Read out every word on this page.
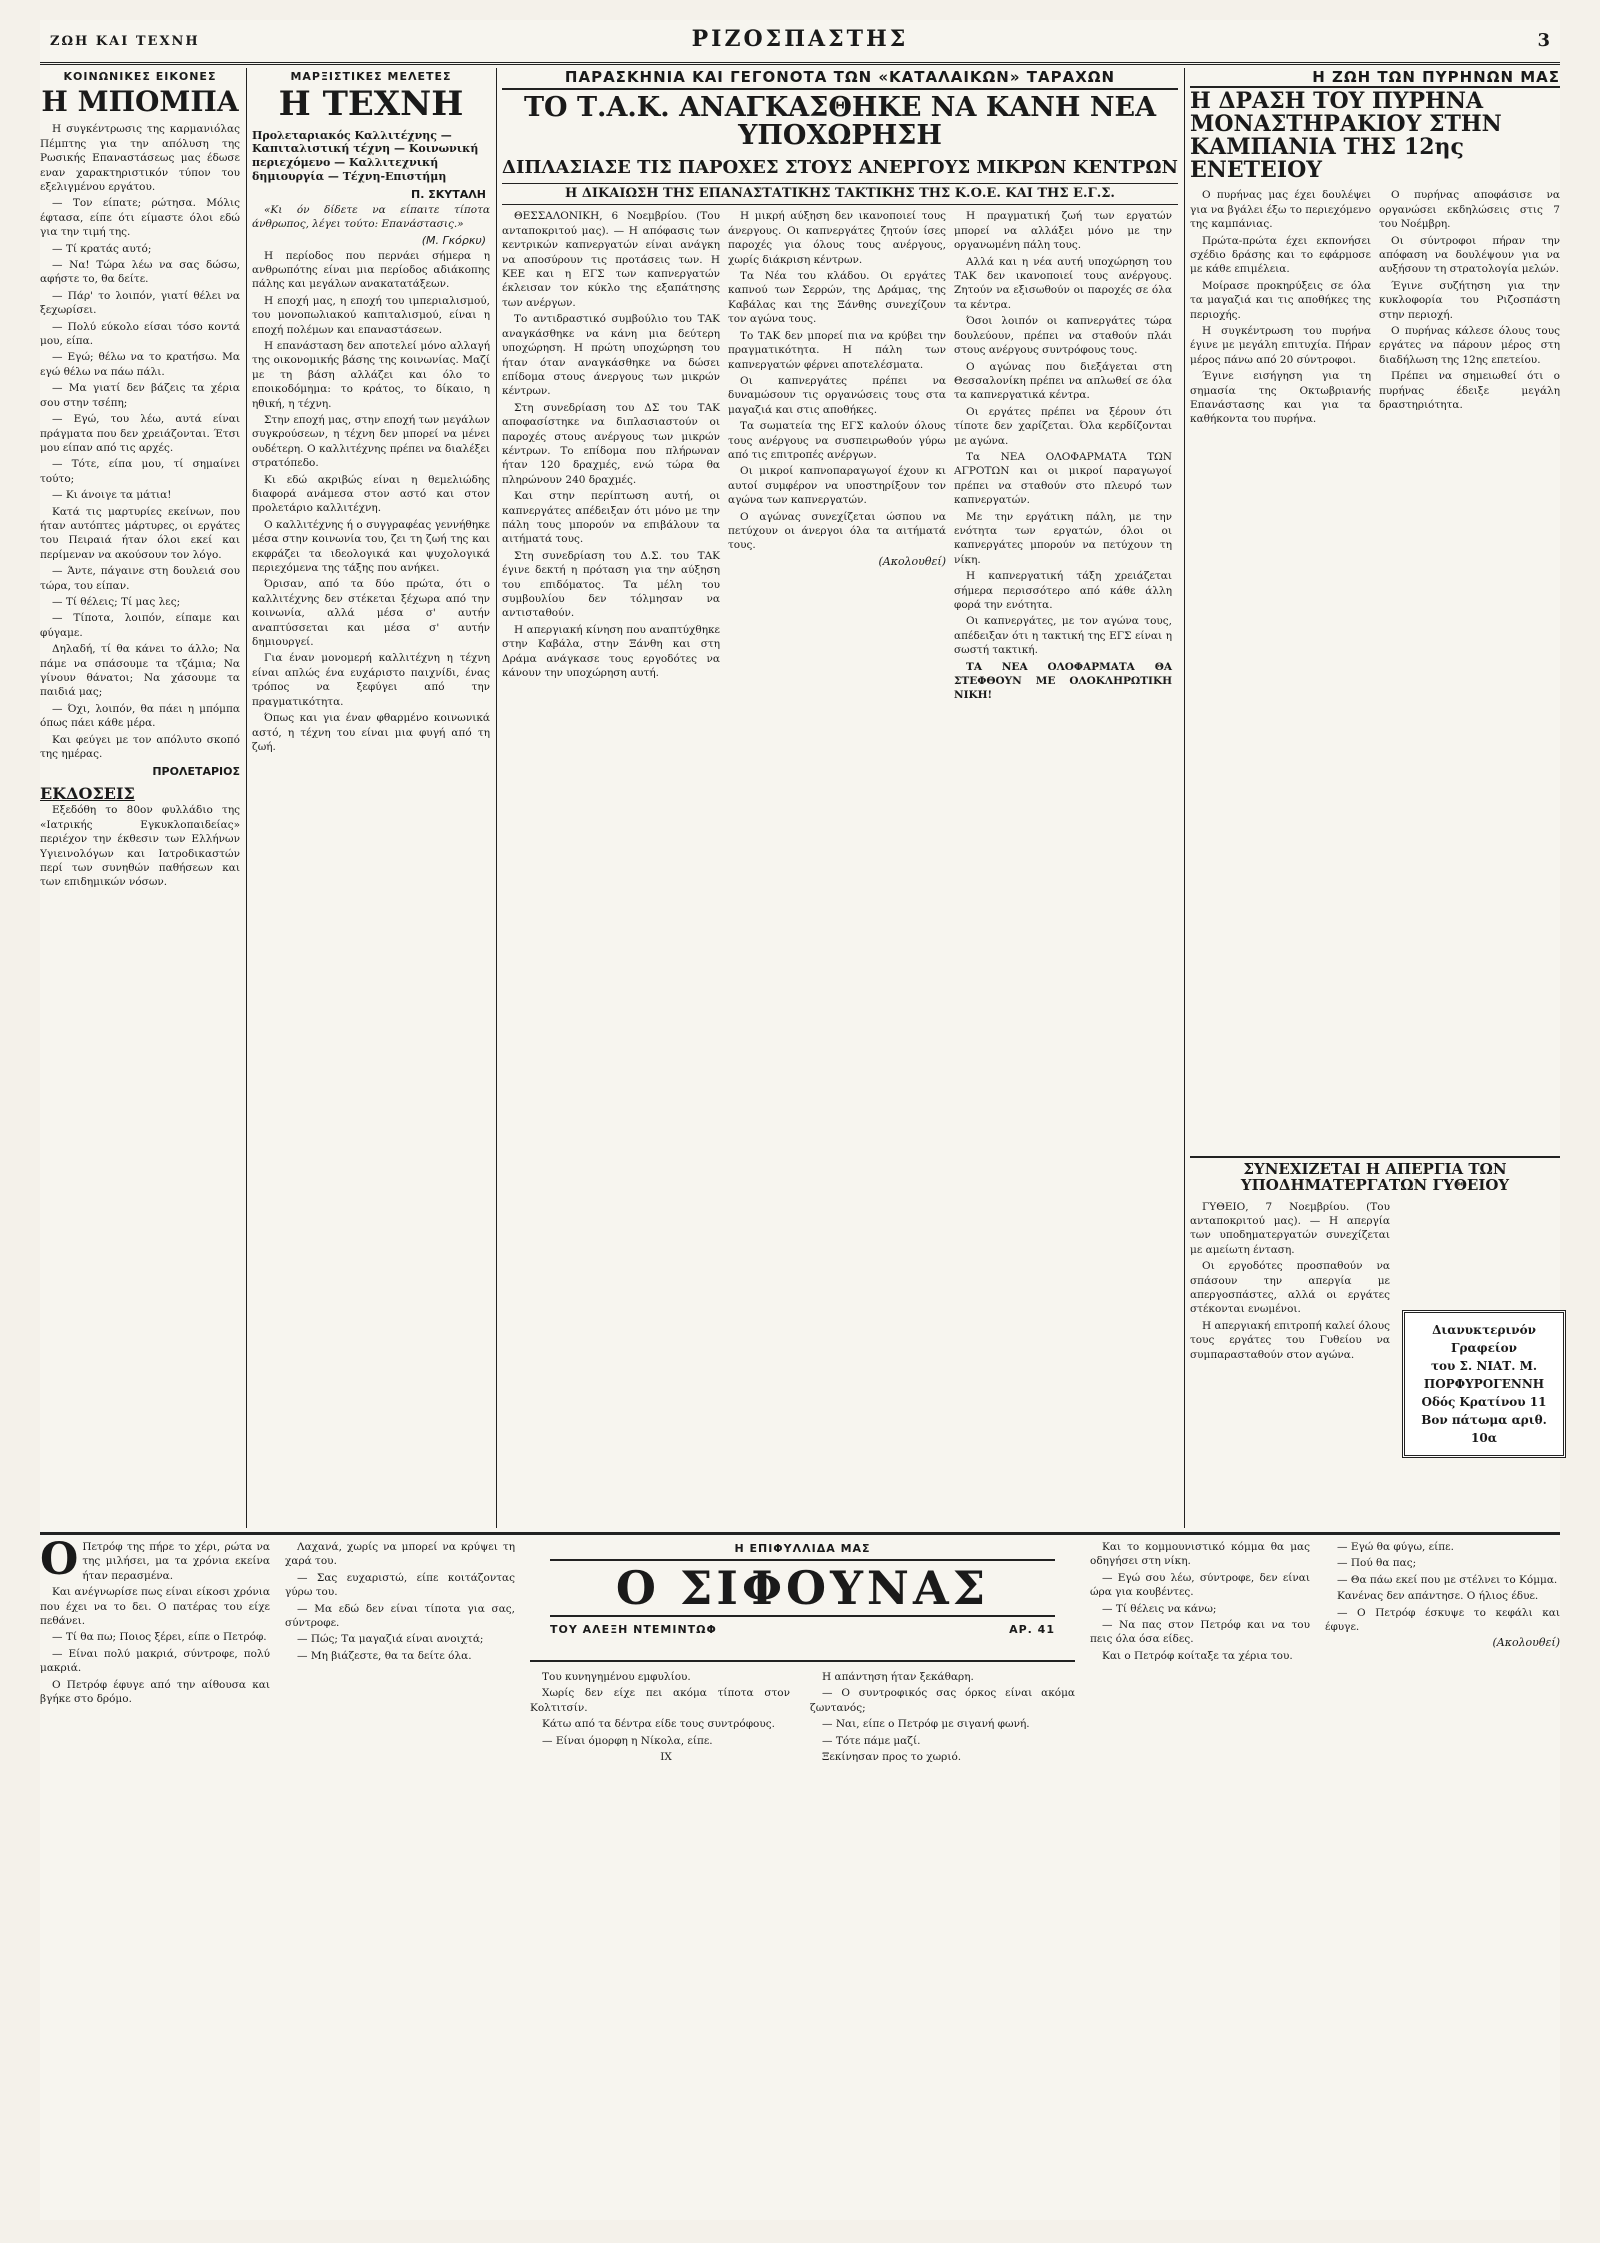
ΖΩΗ ΚΑΙ ΤΕΧΝΗ	ΡΙΖΟΣΠΑΣΤΗΣ	3
ΚΟΙΝΩΝΙΚΕΣ ΕΙΚΟΝΕΣ
Η ΜΠΟΜΠΑ

Η συγκέντρωσις της καρμανιόλας Πέμπτης για την απόλυση της Ρωσικής Επαναστάσεως μας έδωσε εναν χαρακτηριστικόν τύπον του εξελιγμένου εργάτου.

— Τον είπατε; ρώτησα. Μόλις έφτασα, είπε ότι είμαστε όλοι εδώ για την τιμή της.

— Τί κρατάς αυτό;

— Να! Τώρα λέω να σας δώσω, αφήστε το, θα δείτε.

— Πάρ' το λοιπόν, γιατί θέλει να ξεχωρίσει.

— Πολύ εύκολο είσαι τόσο κοντά μου, είπα.

— Εγώ; θέλω να το κρατήσω. Μα εγώ θέλω να πάω πάλι.

— Μα γιατί δεν βάζεις τα χέρια σου στην τσέπη;

— Εγώ, του λέω, αυτά είναι πράγματα που δεν χρειάζονται. Έτσι μου είπαν από τις αρχές.

— Τότε, είπα μου, τί σημαίνει τούτο;

— Κι άνοιγε τα μάτια!

Κατά τις μαρτυρίες εκείνων, που ήταν αυτόπτες μάρτυρες, οι εργάτες του Πειραιά ήταν όλοι εκεί και περίμεναν να ακούσουν τον λόγο.

— Άντε, πάγαινε στη δουλειά σου τώρα, του είπαν.

— Τί θέλεις; Τί μας λες;

— Τίποτα, λοιπόν, είπαμε και φύγαμε.

Δηλαδή, τί θα κάνει το άλλο; Να πάμε να σπάσουμε τα τζάμια; Να γίνουν θάνατοι; Να χάσουμε τα παιδιά μας;

— Όχι, λοιπόν, θα πάει η μπόμπα όπως πάει κάθε μέρα.

Και φεύγει με τον απόλυτο σκοπό της ημέρας.

ΠΡΟΛΕΤΑΡΙΟΣ
ΕΚΔΟΣΕΙΣ

Εξεδόθη το 80ον φυλλάδιο της «Ιατρικής Εγκυκλοπαιδείας» περιέχον την έκθεσιν των Ελλήνων Υγιεινολόγων και Ιατροδικαστών περί των συνηθών παθήσεων και των επιδημικών νόσων.

ΜΑΡΞΙΣΤΙΚΕΣ ΜΕΛΕΤΕΣ
Η ΤΕΧΝΗ
Προλεταριακός Καλλιτέχνης — Καπιταλιστική τέχνη — Κοινωνική περιεχόμενο — Καλλιτεχνική δημιουργία — Τέχνη-Επιστήμη
Π. ΣΚΥΤΑΛΗ

«Κι όν δίδετε να είπαιτε τίποτα άνθρωπος, λέγει τούτο: Επανάστασις.»

(Μ. Γκόρκυ)

Η περίοδος που περνάει σήμερα η ανθρωπότης είναι μια περίοδος αδιάκοπης πάλης και μεγάλων ανακατατάξεων.

Η εποχή μας, η εποχή του ιμπεριαλισμού, του μονοπωλιακού καπιταλισμού, είναι η εποχή πολέμων και επαναστάσεων.

Η επανάσταση δεν αποτελεί μόνο αλλαγή της οικονομικής βάσης της κοινωνίας. Μαζί με τη βάση αλλάζει και όλο το εποικοδόμημα: το κράτος, το δίκαιο, η ηθική, η τέχνη.

Στην εποχή μας, στην εποχή των μεγάλων συγκρούσεων, η τέχνη δεν μπορεί να μένει ουδέτερη. Ο καλλιτέχνης πρέπει να διαλέξει στρατόπεδο.

Κι εδώ ακριβώς είναι η θεμελιώδης διαφορά ανάμεσα στον αστό και στον προλετάριο καλλιτέχνη.

Ο καλλιτέχνης ή ο συγγραφέας γεννήθηκε μέσα στην κοινωνία του, ζει τη ζωή της και εκφράζει τα ιδεολογικά και ψυχολογικά περιεχόμενα της τάξης που ανήκει.

Όρισαν, από τα δύο πρώτα, ότι ο καλλιτέχνης δεν στέκεται ξέχωρα από την κοινωνία, αλλά μέσα σ' αυτήν αναπτύσσεται και μέσα σ' αυτήν δημιουργεί.

Για έναν μονομερή καλλιτέχνη η τέχνη είναι απλώς ένα ευχάριστο παιχνίδι, ένας τρόπος να ξεφύγει από την πραγματικότητα.

Όπως και για έναν φθαρμένο κοινωνικά αστό, η τέχνη του είναι μια φυγή από τη ζωή.

ΠΑΡΑΣΚΗΝΙΑ ΚΑΙ ΓΕΓΟΝΟΤΑ ΤΩΝ «ΚΑΤΑΛΑΙΚΩΝ» ΤΑΡΑΧΩΝ
ΤΟ Τ.Α.Κ. ΑΝΑΓΚΑΣΘΗΚΕ ΝΑ ΚΑΝΗ ΝΕΑ ΥΠΟΧΩΡΗΣΗ
ΔΙΠΛΑΣΙΑΣΕ ΤΙΣ ΠΑΡΟΧΕΣ ΣΤΟΥΣ ΑΝΕΡΓΟΥΣ ΜΙΚΡΩΝ ΚΕΝΤΡΩΝ
Η ΔΙΚΑΙΩΣΗ ΤΗΣ ΕΠΑΝΑΣΤΑΤΙΚΗΣ ΤΑΚΤΙΚΗΣ ΤΗΣ Κ.Ο.Ε. ΚΑΙ ΤΗΣ Ε.Γ.Σ.

ΘΕΣΣΑΛΟΝΙΚΗ, 6 Νοεμβρίου. (Του ανταποκριτού μας). — Η απόφασις των κεντρικών καπνεργατών είναι ανάγκη να αποσύρουν τις προτάσεις των. Η ΚΕΕ και η ΕΓΣ των καπνεργατών έκλεισαν τον κύκλο της εξαπάτησης των ανέργων.

Το αντιδραστικό συμβούλιο του ΤΑΚ αναγκάσθηκε να κάνη μια δεύτερη υποχώρηση. Η πρώτη υποχώρηση του ήταν όταν αναγκάσθηκε να δώσει επίδομα στους άνεργους των μικρών κέντρων.

Στη συνεδρίαση του ΔΣ του ΤΑΚ αποφασίστηκε να διπλασιαστούν οι παροχές στους ανέργους των μικρών κέντρων. Το επίδομα που πλήρωναν ήταν 120 δραχμές, ενώ τώρα θα πληρώνουν 240 δραχμές.

Και στην περίπτωση αυτή, οι καπνεργάτες απέδειξαν ότι μόνο με την πάλη τους μπορούν να επιβάλουν τα αιτήματά τους.

Στη συνεδρίαση του Δ.Σ. του ΤΑΚ έγινε δεκτή η πρόταση για την αύξηση του επιδόματος. Τα μέλη του συμβουλίου δεν τόλμησαν να αντισταθούν.

Η απεργιακή κίνηση που αναπτύχθηκε στην Καβάλα, στην Ξάνθη και στη Δράμα ανάγκασε τους εργοδότες να κάνουν την υποχώρηση αυτή.

Η μικρή αύξηση δεν ικανοποιεί τους άνεργους. Οι καπνεργάτες ζητούν ίσες παροχές για όλους τους ανέργους, χωρίς διάκριση κέντρων.

Τα Νέα του κλάδου. Οι εργάτες καπνού των Σερρών, της Δράμας, της Καβάλας και της Ξάνθης συνεχίζουν τον αγώνα τους.

Το ΤΑΚ δεν μπορεί πια να κρύβει την πραγματικότητα. Η πάλη των καπνεργατών φέρνει αποτελέσματα.

Οι καπνεργάτες πρέπει να δυναμώσουν τις οργανώσεις τους στα μαγαζιά και στις αποθήκες.

Τα σωματεία της ΕΓΣ καλούν όλους τους ανέργους να συσπειρωθούν γύρω από τις επιτροπές ανέργων.

Οι μικροί καπνοπαραγωγοί έχουν κι αυτοί συμφέρον να υποστηρίξουν τον αγώνα των καπνεργατών.

Ο αγώνας συνεχίζεται ώσπου να πετύχουν οι άνεργοι όλα τα αιτήματά τους.

(Ακολουθεί)

Η πραγματική ζωή των εργατών μπορεί να αλλάξει μόνο με την οργανωμένη πάλη τους.

Αλλά και η νέα αυτή υποχώρηση του ΤΑΚ δεν ικανοποιεί τους ανέργους. Ζητούν να εξισωθούν οι παροχές σε όλα τα κέντρα.

Όσοι λοιπόν οι καπνεργάτες τώρα δουλεύουν, πρέπει να σταθούν πλάι στους ανέργους συντρόφους τους.

Ο αγώνας που διεξάγεται στη Θεσσαλονίκη πρέπει να απλωθεί σε όλα τα καπνεργατικά κέντρα.

Οι εργάτες πρέπει να ξέρουν ότι τίποτε δεν χαρίζεται. Όλα κερδίζονται με αγώνα.

Τα ΝΕΑ ΟΛΟΦΑΡΜΑΤΑ ΤΩΝ ΑΓΡΟΤΩΝ και οι μικροί παραγωγοί πρέπει να σταθούν στο πλευρό των καπνεργατών.

Με την εργάτικη πάλη, με την ενότητα των εργατών, όλοι οι καπνεργάτες μπορούν να πετύχουν τη νίκη.

Η καπνεργατική τάξη χρειάζεται σήμερα περισσότερο από κάθε άλλη φορά την ενότητα.

Οι καπνεργάτες, με τον αγώνα τους, απέδειξαν ότι η τακτική της ΕΓΣ είναι η σωστή τακτική.

ΤΑ ΝΕΑ ΟΛΟΦΑΡΜΑΤΑ ΘΑ ΣΤΕΦΘΟΥΝ ΜΕ ΟΛΟΚΛΗΡΩΤΙΚΗ ΝΙΚΗ!

Η ΖΩΗ ΤΩΝ ΠΥΡΗΝΩΝ ΜΑΣ
Η ΔΡΑΣΗ ΤΟΥ ΠΥΡΗΝΑ ΜΟΝΑΣΤΗΡΑΚΙΟΥ ΣΤΗΝ ΚΑΜΠΑΝΙΑ ΤΗΣ 12ης ΕΝΕΤΕΙΟΥ

Ο πυρήνας μας έχει δουλέψει για να βγάλει έξω το περιεχόμενο της καμπάνιας.

Πρώτα-πρώτα έχει εκπονήσει σχέδιο δράσης και το εφάρμοσε με κάθε επιμέλεια.

Μοίρασε προκηρύξεις σε όλα τα μαγαζιά και τις αποθήκες της περιοχής.

Η συγκέντρωση του πυρήνα έγινε με μεγάλη επιτυχία. Πήραν μέρος πάνω από 20 σύντροφοι.

Έγινε εισήγηση για τη σημασία της Οκτωβριανής Επανάστασης και για τα καθήκοντα του πυρήνα.

Ο πυρήνας αποφάσισε να οργανώσει εκδηλώσεις στις 7 του Νοέμβρη.

Οι σύντροφοι πήραν την απόφαση να δουλέψουν για να αυξήσουν τη στρατολογία μελών.

Έγινε συζήτηση για την κυκλοφορία του Ριζοσπάστη στην περιοχή.

Ο πυρήνας κάλεσε όλους τους εργάτες να πάρουν μέρος στη διαδήλωση της 12ης επετείου.

Πρέπει να σημειωθεί ότι ο πυρήνας έδειξε μεγάλη δραστηριότητα.

ΣΥΝΕΧΙΖΕΤΑΙ Η ΑΠΕΡΓΙΑ ΤΩΝ ΥΠΟΔΗΜΑΤΕΡΓΑΤΩΝ ΓΥΘΕΙΟΥ

ΓΥΘΕΙΟ, 7 Νοεμβρίου. (Του ανταποκριτού μας). — Η απεργία των υποδηματεργατών συνεχίζεται με αμείωτη ένταση.

Οι εργοδότες προσπαθούν να σπάσουν την απεργία με απεργοσπάστες, αλλά οι εργάτες στέκονται ενωμένοι.

Η απεργιακή επιτροπή καλεί όλους τους εργάτες του Γυθείου να συμπαρασταθούν στον αγώνα.

Διανυκτερινόν Γραφείον
του Σ. ΝΙΑΤ. Μ. ΠΟΡΦΥΡΟΓΕΝΝΗ
Οδός Κρατίνου 11
Βον πάτωμα αριθ. 10α
Ο Πετρόφ της πήρε το χέρι, ρώτα να της μιλήσει, μα τα χρόνια εκείνα ήταν περασμένα.

Και ανέγνωρίσε πως είναι είκοσι χρόνια που έχει να το δει. Ο πατέρας του είχε πεθάνει.

— Τί θα πω; Ποιος ξέρει, είπε ο Πετρόφ.

— Είναι πολύ μακριά, σύντροφε, πολύ μακριά.

Ο Πετρόφ έφυγε από την αίθουσα και βγήκε στο δρόμο.

Λαχανά, χωρίς να μπορεί να κρύψει τη χαρά του.

— Σας ευχαριστώ, είπε κοιτάζοντας γύρω του.

— Μα εδώ δεν είναι τίποτα για σας, σύντροφε.

— Πώς; Τα μαγαζιά είναι ανοιχτά;

— Μη βιάζεστε, θα τα δείτε όλα.

Η ΕΠΙΦΥΛΛΙΔΑ ΜΑΣ
Ο ΣΙΦΟΥΝΑΣ
ΤΟΥ ΑΛΕΞΗ ΝΤΕΜΙΝΤΩΦ	ΑΡ. 41

Του κυνηγημένου εμφυλίου.

Χωρίς δεν είχε πει ακόμα τίποτα στον Κολτιτσίν.

Κάτω από τα δέντρα είδε τους συντρόφους.

— Είναι όμορφη η Νίκολα, είπε.

IX

Η απάντηση ήταν ξεκάθαρη.

— Ο συντροφικός σας όρκος είναι ακόμα ζωντανός;

— Ναι, είπε ο Πετρόφ με σιγανή φωνή.

— Τότε πάμε μαζί.

Ξεκίνησαν προς το χωριό.

Και το κομμουνιστικό κόμμα θα μας οδηγήσει στη νίκη.

— Εγώ σου λέω, σύντροφε, δεν είναι ώρα για κουβέντες.

— Τί θέλεις να κάνω;

— Να πας στον Πετρόφ και να του πεις όλα όσα είδες.

Και ο Πετρόφ κοίταξε τα χέρια του.

— Εγώ θα φύγω, είπε.

— Πού θα πας;

— Θα πάω εκεί που με στέλνει το Κόμμα.

Κανένας δεν απάντησε. Ο ήλιος έδυε.

— Ο Πετρόφ έσκυψε το κεφάλι και έφυγε.

(Ακολουθεί)
